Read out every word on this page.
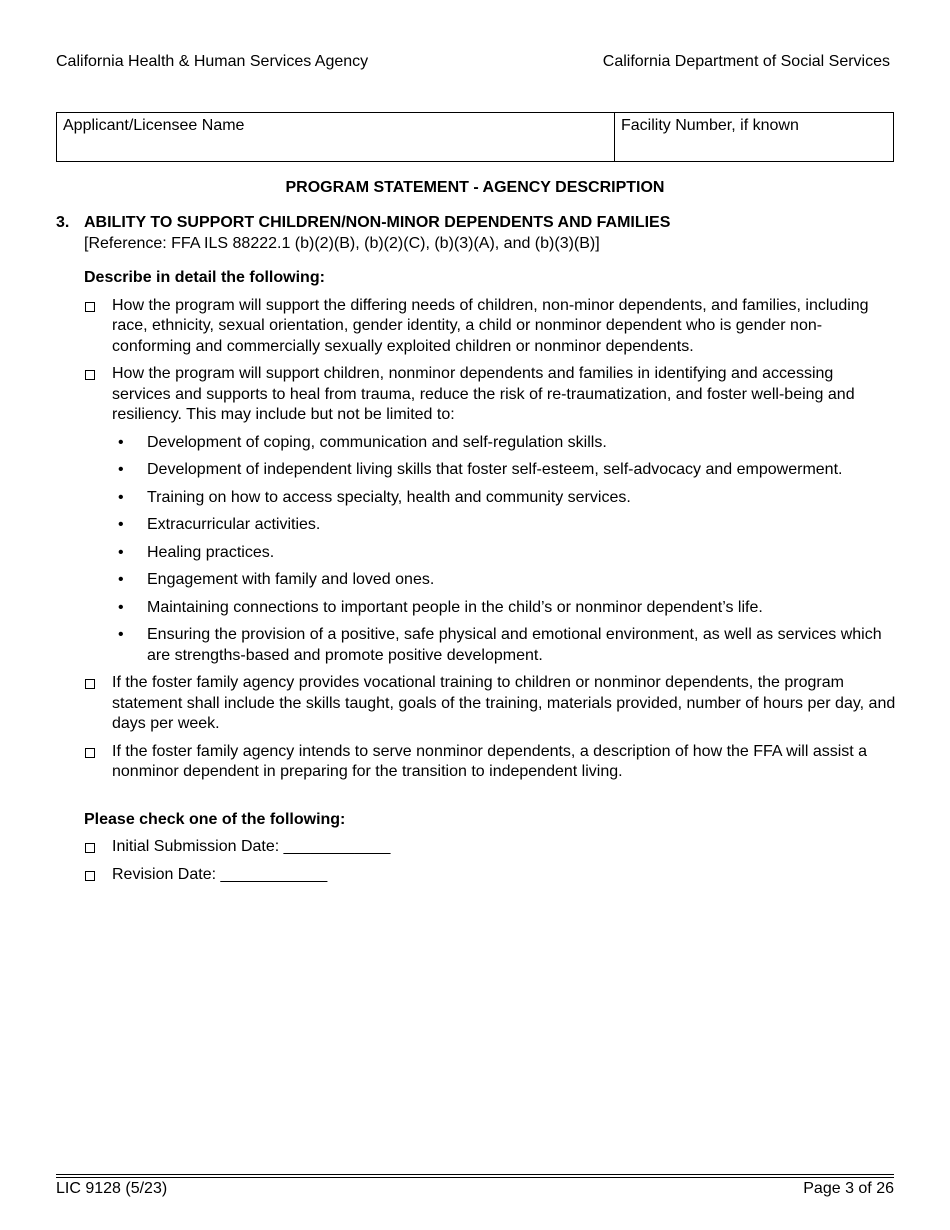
California Health & Human Services Agency	California Department of Social Services
Applicant/Licensee Name	Facility Number, if known
PROGRAM STATEMENT - AGENCY DESCRIPTION
3. ABILITY TO SUPPORT CHILDREN/NON-MINOR DEPENDENTS AND FAMILIES
[Reference: FFA ILS 88222.1 (b)(2)(B), (b)(2)(C), (b)(3)(A), and (b)(3)(B)]
Describe in detail the following:
How the program will support the differing needs of children, non-minor dependents, and families, including race, ethnicity, sexual orientation, gender identity, a child or nonminor dependent who is gender non-conforming and commercially sexually exploited children or nonminor dependents.
How the program will support children, nonminor dependents and families in identifying and accessing services and supports to heal from trauma, reduce the risk of re-traumatization, and foster well-being and resiliency. This may include but not be limited to:
•	Development of coping, communication and self-regulation skills.
•	Development of independent living skills that foster self-esteem, self-advocacy and empowerment.
•	Training on how to access specialty, health and community services.
•	Extracurricular activities.
•	Healing practices.
•	Engagement with family and loved ones.
•	Maintaining connections to important people in the child’s or nonminor dependent’s life.
•	Ensuring the provision of a positive, safe physical and emotional environment, as well as services which are strengths-based and promote positive development.
If the foster family agency provides vocational training to children or nonminor dependents, the program statement shall include the skills taught, goals of the training, materials provided, number of hours per day, and days per week.
If the foster family agency intends to serve nonminor dependents, a description of how the FFA will assist a nonminor dependent in preparing for the transition to independent living.
Please check one of the following:
Initial Submission Date: ____________
Revision Date: ____________
LIC 9128 (5/23)	Page 3 of 26
